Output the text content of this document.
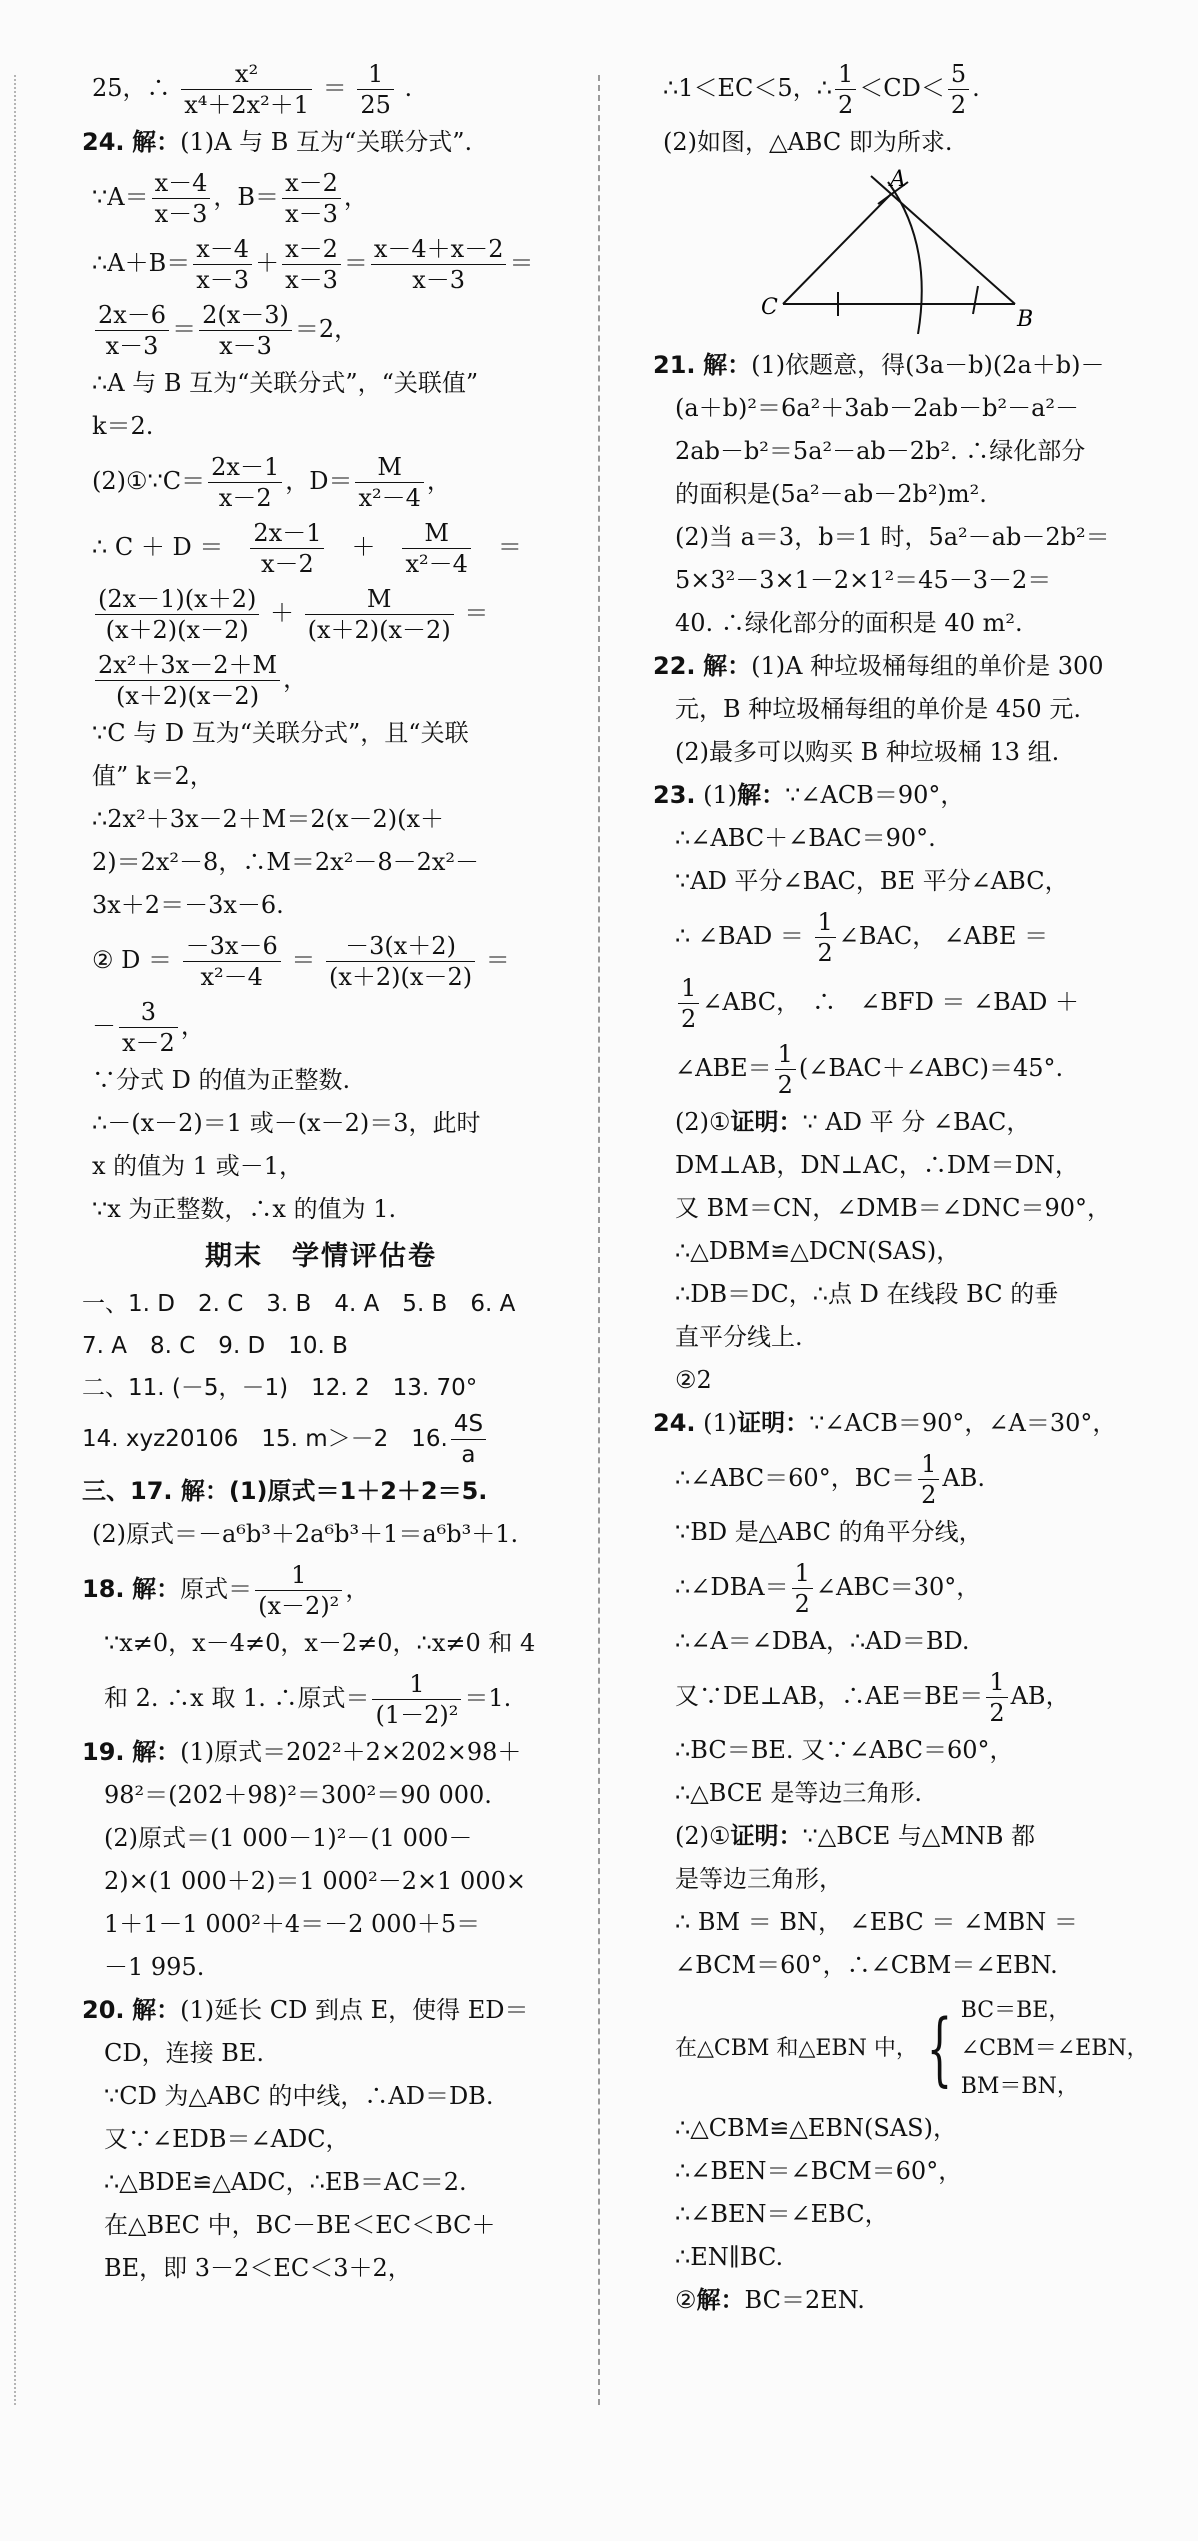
25，∴ $\frac{\text{x²}}{\text{x⁴＋2x²＋1}} = \frac{1}{25}$ .
24. 解：(1)A 与 B 互为“关联分式”.
∵A＝ $\frac{x-4}{x-3}$ ，$B= \frac{x-2}{x-3}$ ，
∴A＋B＝ $\frac{x-4}{x-3} + \frac{x-2}{x-3} = \frac{x-4+x-2}{x-3}$ ＝
$\frac{2x-6}{x-3} = \frac{2(x-3)}{x-3} =2$，
∴A 与 B 互为“关联分式”，“关联值”
k＝2.
(2)①∵C＝ $\frac{2x-1}{x-2}$ ，$D= \frac{M}{\text{x²－4}}$ ，
∴ C ＋ D ＝　 $\frac{2x-1}{x-2}$
　 ＋　 $\frac{M}{\text{x²－4}}$
　 ＝
$\frac{(2x-1)(x+2)}{(x+2)(x-2)} + \frac{M}{(x+2)(x-2)}$ ＝
$\frac{\text{2x²＋3x－2＋M}}{(x+2)(x-2)}$ ，
∵C 与 D 互为“关联分式”，且“关联
值” k＝2，
∴2x²＋3x－2＋M＝2(x－2)(x＋
2)＝2x²－8，∴M＝2x²－8－2x²－
3x＋2＝－3x－6.
② $D = \frac{-3x-6}{\text{x²－4}} = \frac{-3(x+2)}{(x+2)(x-2)}$ ＝
－ $\frac{3}{x-2}$ ，
∵分式 D 的值为正整数.
∴－(x－2)＝1 或－(x－2)＝3，此时
x 的值为 1 或－1，
∵x 为正整数，∴x 的值为 1.
期末　学情评估卷
一、1. D　2. C　3. B　4. A　5. B　6. A
7. A　8. C　9. D　10. B
二、11. (－5，－1)　12. 2　13. 70°
14. xyz20106　15. m＞－2　16. $\frac{4S}{a}$
三、17. 解：(1)原式＝1＋2＋2＝5.
(2)原式＝－a⁶b³＋2a⁶b³＋1＝a⁶b³＋1.
18. 解：原式＝ $\frac{1}{\text{(x－2)²}}$ ，
∵x≠0，x－4≠0，x－2≠0，∴x≠0 和 4
和 2. ∴x 取 1. ∴原式＝ $\frac{1}{\text{(1－2)²}} =1$.
19. 解：(1)原式＝202²＋2×202×98＋
98²＝(202＋98)²＝300²＝90 000.
(2)原式＝(1 000－1)²－(1 000－
2)×(1 000＋2)＝1 000²－2×1 000×
1＋1－1 000²＋4＝－2 000＋5＝
－1 995.
20. 解：(1)延长 CD 到点 E，使得 ED＝
CD，连接 BE.
∵CD 为△ABC 的中线，∴AD＝DB.
又∵∠EDB＝∠ADC，
∴△BDE≌△ADC，∴EB＝AC＝2.
在△BEC 中，BC－BE＜EC＜BC＋
BE，即 3－2＜EC＜3＋2，
∴1＜EC＜5，∴ $\frac{1}{2} <CD< \frac{5}{2}$ .
(2)如图，△ABC 即为所求.
A
B
C
21. 解：(1)依题意，得(3a－b)(2a＋b)－
(a＋b)²＝6a²＋3ab－2ab－b²－a²－
2ab－b²＝5a²－ab－2b². ∴绿化部分
的面积是(5a²－ab－2b²)m².
(2)当 a＝3，b＝1 时，5a²－ab－2b²＝
5×3²－3×1－2×1²＝45－3－2＝
40. ∴绿化部分的面积是 40 m².
22. 解：(1)A 种垃圾桶每组的单价是 300
元，B 种垃圾桶每组的单价是 450 元.
(2)最多可以购买 B 种垃圾桶 13 组.
23. (1)解：∵∠ACB＝90°，
∴∠ABC＋∠BAC＝90°.
∵AD 平分∠BAC，BE 平分∠ABC，
∴ ∠BAD ＝ $\frac{1}{2}$ ∠BAC， ∠ABE ＝
$\frac{1}{2}$ ∠ABC，　∴　∠BFD ＝ ∠BAD ＋
∠ABE＝ $\frac{1}{2}$ (∠BAC＋∠ABC)＝45°.
(2)①证明：∵ AD 平 分 ∠BAC，
DM⊥AB，DN⊥AC，∴DM＝DN，
又 BM＝CN，∠DMB＝∠DNC＝90°，
∴△DBM≌△DCN(SAS)，
∴DB＝DC，∴点 D 在线段 BC 的垂
直平分线上.
②2
24. (1)证明：∵∠ACB＝90°，∠A＝30°，
∴∠ABC＝60°，$BC= \frac{1}{2}$ AB.
∵BD 是△ABC 的角平分线，
∴∠DBA＝ $\frac{1}{2}$ ∠ABC＝30°，
∴∠A＝∠DBA，∴AD＝BD.
又∵DE⊥AB，∴AE＝BE＝ $\frac{1}{2}$ AB，
∴BC＝BE. 又∵∠ABC＝60°，
∴△BCE 是等边三角形.
(2)①证明：∵△BCE 与△MNB 都
是等边三角形，
∴ BM ＝ BN， ∠EBC ＝ ∠MBN ＝
∠BCM＝60°，∴∠CBM＝∠EBN.
在△CBM 和△EBN 中， { BC＝BE，
∠CBM＝∠EBN，
BM＝BN，
∴△CBM≌△EBN(SAS)，
∴∠BEN＝∠BCM＝60°，
∴∠BEN＝∠EBC，
∴EN∥BC.
②解：BC＝2EN.
